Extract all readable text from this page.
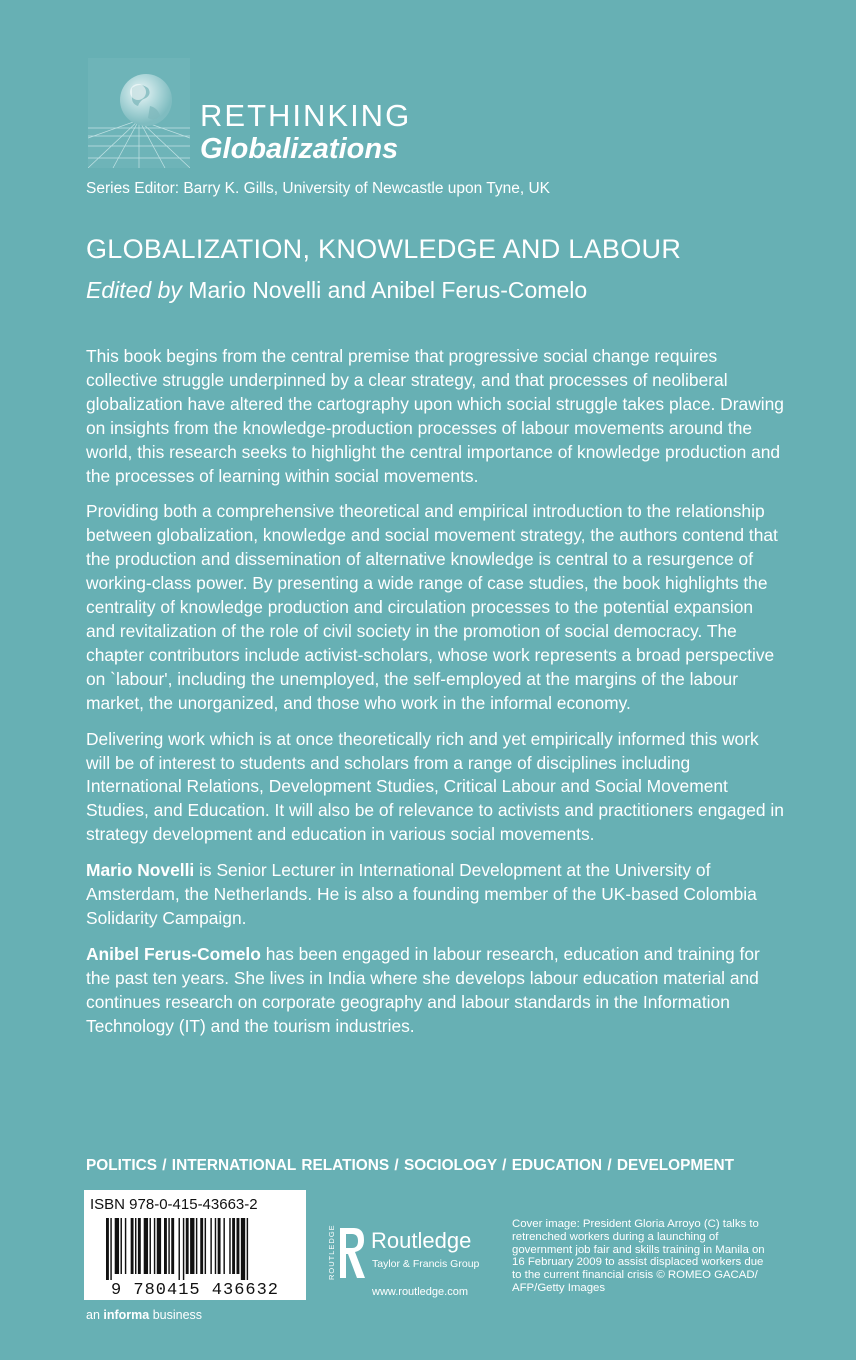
RETHINKING
Globalizations
Series Editor: Barry K. Gills, University of Newcastle upon Tyne, UK
GLOBALIZATION, KNOWLEDGE AND LABOUR
Edited by Mario Novelli and Anibel Ferus-Comelo

This book begins from the central premise that progressive social change requires collective struggle underpinned by a clear strategy, and that processes of neoliberal globalization have altered the cartography upon which social struggle takes place. Drawing on insights from the knowledge-production processes of labour movements around the world, this research seeks to highlight the central importance of knowledge production and the processes of learning within social movements.

Providing both a comprehensive theoretical and empirical introduction to the relationship between globalization, knowledge and social movement strategy, the authors contend that the production and dissemination of alternative knowledge is central to a resurgence of working-class power. By presenting a wide range of case studies, the book highlights the centrality of knowledge production and circulation processes to the potential expansion and revitalization of the role of civil society in the promotion of social democracy. The chapter contributors include activist-scholars, whose work represents a broad perspective on `labour', including the unemployed, the self-employed at the margins of the labour market, the unorganized, and those who work in the informal economy.

Delivering work which is at once theoretically rich and yet empirically informed this work will be of interest to students and scholars from a range of disciplines including International Relations, Development Studies, Critical Labour and Social Movement Studies, and Education. It will also be of relevance to activists and practitioners engaged in strategy development and education in various social movements.

Mario Novelli is Senior Lecturer in International Development at the University of Amsterdam, the Netherlands. He is also a founding member of the UK-based Colombia Solidarity Campaign.

Anibel Ferus-Comelo has been engaged in labour research, education and training for the past ten years. She lives in India where she develops labour education material and continues research on corporate geography and labour standards in the Information Technology (IT) and the tourism industries.

POLITICS / INTERNATIONAL RELATIONS / SOCIOLOGY / EDUCATION / DEVELOPMENT
ISBN 978-0-415-43663-2
9 780415 436632
an informa business
ROUTLEDGE Routledge
Taylor & Francis Group
www.routledge.com
Cover image: President Gloria Arroyo (C) talks to retrenched workers during a launching of government job fair and skills training in Manila on 16 February 2009 to assist displaced workers due to the current financial crisis © ROMEO GACAD/ AFP/Getty Images
